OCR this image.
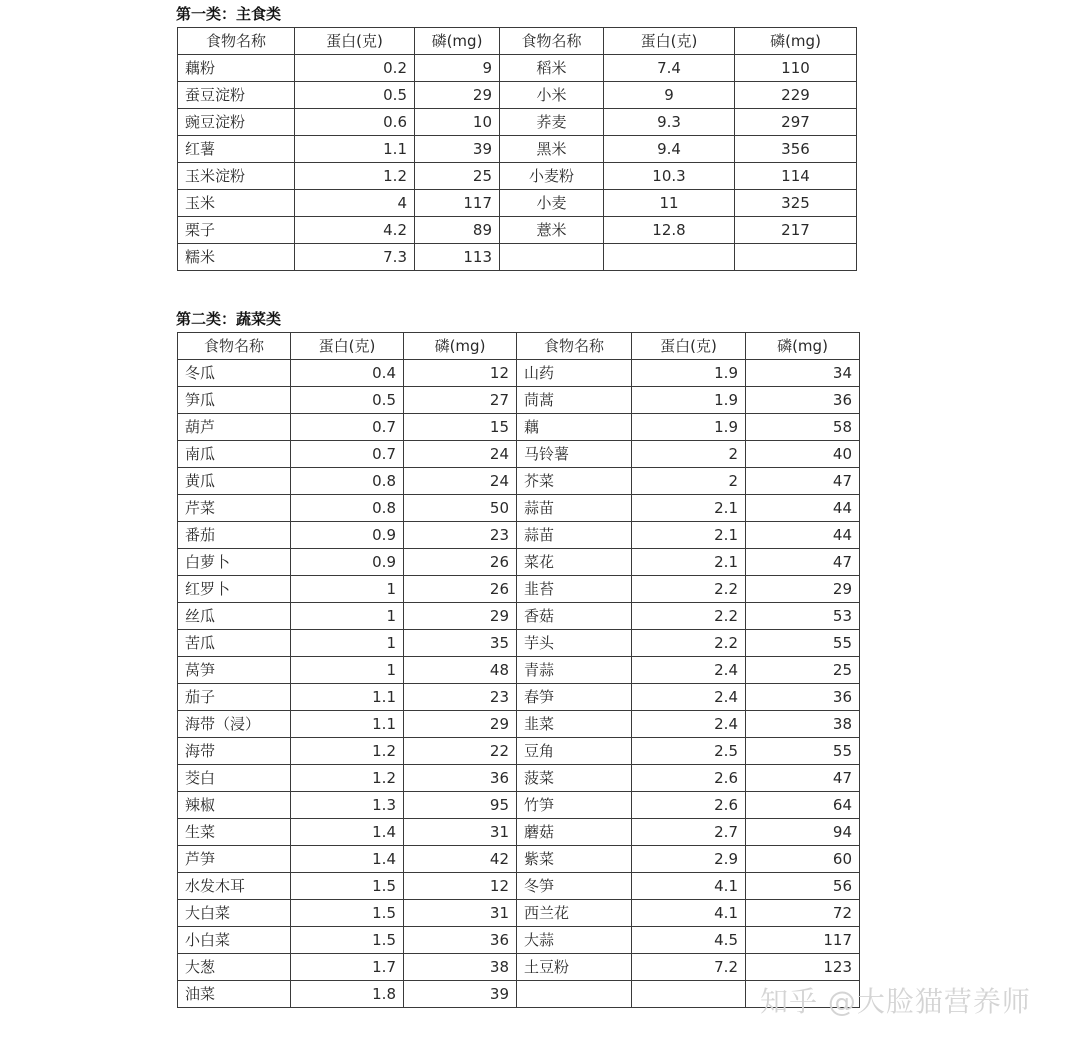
第一类：主食类
食物名称	蛋白(克)	磷(mg)	食物名称	蛋白(克)	磷(mg)
藕粉	0.2	9	稻米	7.4	110
蚕豆淀粉	0.5	29	小米	9	229
豌豆淀粉	0.6	10	荞麦	9.3	297
红薯	1.1	39	黑米	9.4	356
玉米淀粉	1.2	25	小麦粉	10.3	114
玉米	4	117	小麦	11	325
栗子	4.2	89	薏米	12.8	217
糯米	7.3	113			
第二类：蔬菜类
食物名称	蛋白(克)	磷(mg)	食物名称	蛋白(克)	磷(mg)
冬瓜	0.4	12	山药	1.9	34
笋瓜	0.5	27	茼蒿	1.9	36
葫芦	0.7	15	藕	1.9	58
南瓜	0.7	24	马铃薯	2	40
黄瓜	0.8	24	芥菜	2	47
芹菜	0.8	50	蒜苗	2.1	44
番茄	0.9	23	蒜苗	2.1	44
白萝卜	0.9	26	菜花	2.1	47
红罗卜	1	26	韭苔	2.2	29
丝瓜	1	29	香菇	2.2	53
苦瓜	1	35	芋头	2.2	55
莴笋	1	48	青蒜	2.4	25
茄子	1.1	23	春笋	2.4	36
海带（浸）	1.1	29	韭菜	2.4	38
海带	1.2	22	豆角	2.5	55
茭白	1.2	36	菠菜	2.6	47
辣椒	1.3	95	竹笋	2.6	64
生菜	1.4	31	蘑菇	2.7	94
芦笋	1.4	42	紫菜	2.9	60
水发木耳	1.5	12	冬笋	4.1	56
大白菜	1.5	31	西兰花	4.1	72
小白菜	1.5	36	大蒜	4.5	117
大葱	1.7	38	土豆粉	7.2	123
油菜	1.8	39				知乎 @大脸猫营养师
